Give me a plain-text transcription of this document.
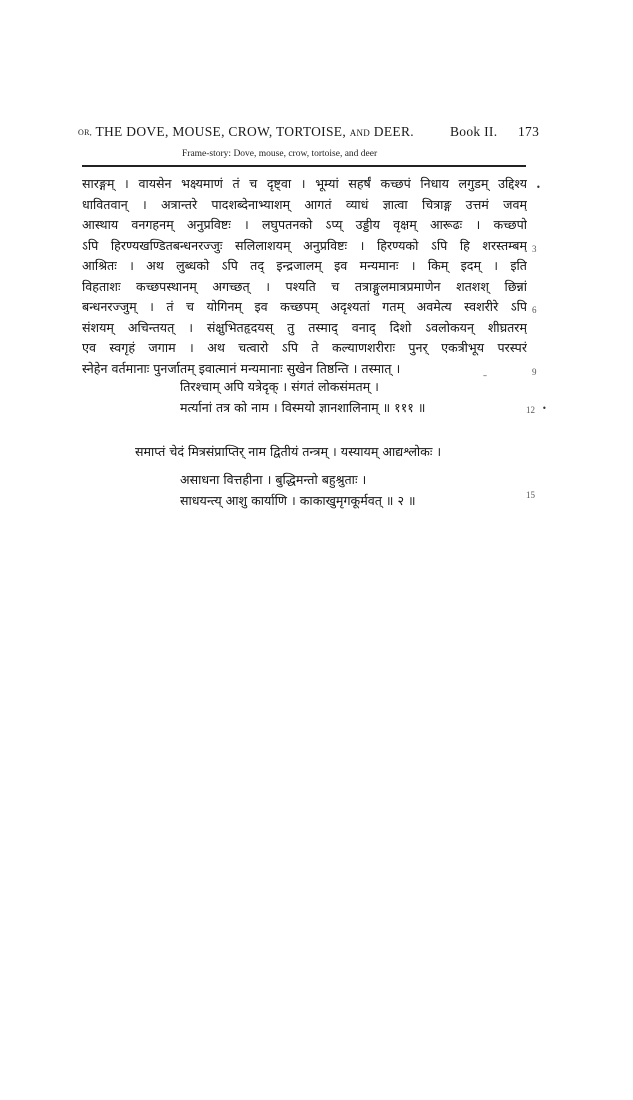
OR, THE DOVE, MOUSE, CROW, TORTOISE, AND DEER.	Book II. 173
Frame-story: Dove, mouse, crow, tortoise, and deer
सारङ्गम् । वायसेन भक्ष्यमाणं तं च दृष्ट्वा । भूम्यां सहर्षं कच्छपं निधाय लगुडम् उद्दिश्य
धावितवान् । अत्रान्तरे पादशब्देनाभ्याशम् आगतं व्याधं ज्ञात्वा चित्राङ्ग उत्तमं जवम्
आस्थाय वनगहनम् अनुप्रविष्टः । लघुपतनको ऽप्य् उड्डीय वृक्षम् आरूढः । कच्छपो
ऽपि हिरण्यखण्डितबन्धनरज्जुः सलिलाशयम् अनुप्रविष्टः । हिरण्यको ऽपि हि शरस्तम्बम्
आश्रितः । अथ लुब्धको ऽपि तद् इन्द्रजालम् इव मन्यमानः । किम् इदम् । इति
विहताशः कच्छपस्थानम् अगच्छत् । पश्यति च तत्राङ्गुलमात्रप्रमाणेन शतशश् छिन्नां
बन्धनरज्जुम् । तं च योगिनम् इव कच्छपम् अदृश्यतां गतम् अवमेत्य स्वशरीरे ऽपि
संशयम् अचिन्तयत् । संक्षुभितहृदयस् तु तस्माद् वनाद् दिशो ऽवलोकयन् शीघ्रतरम्
एव स्वगृहं जगाम । अथ चत्वारो ऽपि ते कल्याणशरीराः पुनर् एकत्रीभूय परस्परं
स्नेहेन वर्तमानाः पुनर्जातम् इवात्मानं मन्यमानाः सुखेन तिष्ठन्ति । तस्मात् ।
तिरश्चाम् अपि यत्रेदृक् । संगतं लोकसंमतम् ।
मर्त्यानां तत्र को नाम । विस्मयो ज्ञानशालिनाम् ॥ १११ ॥
समाप्तं चेदं मित्रसंप्राप्तिर् नाम द्वितीयं तन्त्रम् । यस्यायम् आद्यश्लोकः ।
असाधना वित्तहीना । बुद्धिमन्तो बहुश्रुताः ।
साधयन्त्य् आशु कार्याणि । काकाखुमृगकूर्मवत् ॥ २ ॥
3
6
9
12
15
•
–
•
